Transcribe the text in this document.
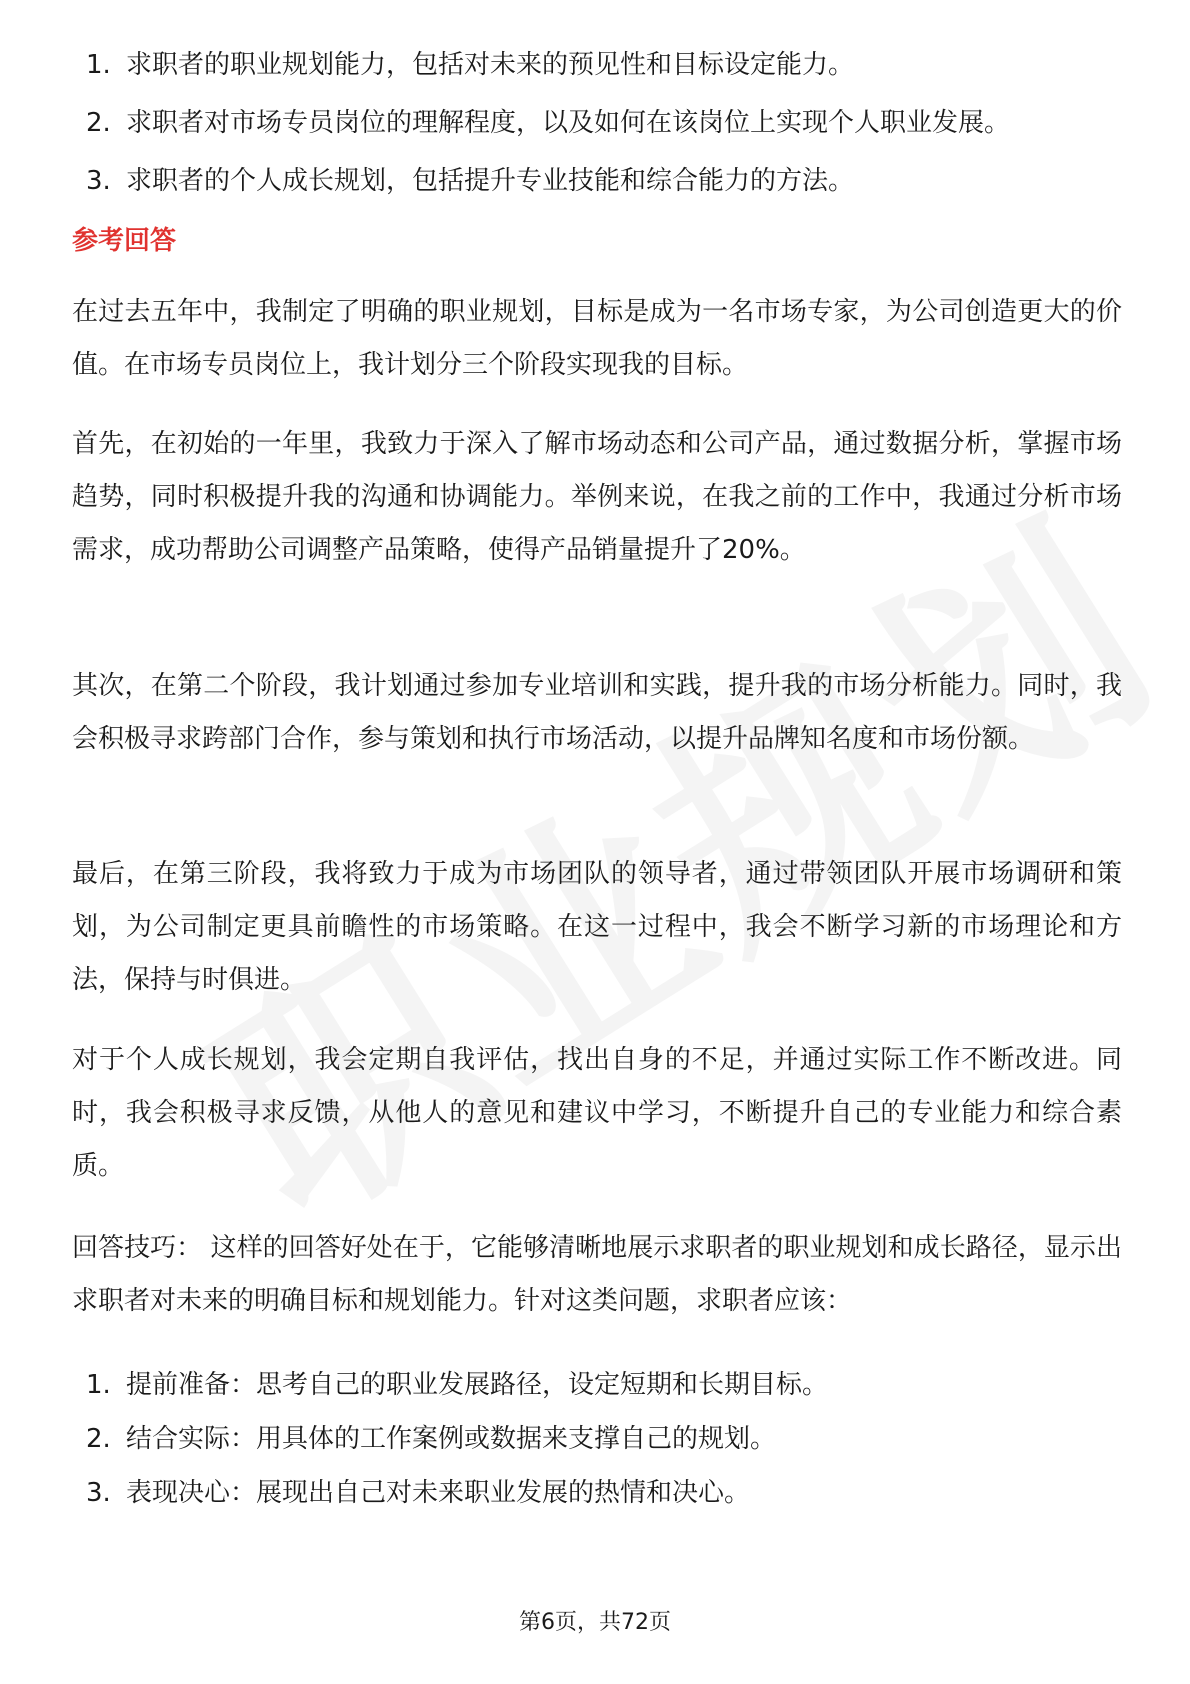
1. 求职者的职业规划能力，包括对未来的预见性和目标设定能力。
2. 求职者对市场专员岗位的理解程度，以及如何在该岗位上实现个人职业发展。
3. 求职者的个人成长规划，包括提升专业技能和综合能力的方法。
参考回答

在过去五年中，我制定了明确的职业规划，目标是成为一名市场专家，为公司创造更大的价值。在市场专员岗位上，我计划分三个阶段实现我的目标。

首先，在初始的一年里，我致力于深入了解市场动态和公司产品，通过数据分析，掌握市场趋势，同时积极提升我的沟通和协调能力。举例来说，在我之前的工作中，我通过分析市场需求，成功帮助公司调整产品策略，使得产品销量提升了20%。

其次，在第二个阶段，我计划通过参加专业培训和实践，提升我的市场分析能力。同时，我会积极寻求跨部门合作，参与策划和执行市场活动，以提升品牌知名度和市场份额。

最后，在第三阶段，我将致力于成为市场团队的领导者，通过带领团队开展市场调研和策划，为公司制定更具前瞻性的市场策略。在这一过程中，我会不断学习新的市场理论和方法，保持与时俱进。

对于个人成长规划，我会定期自我评估，找出自身的不足，并通过实际工作不断改进。同时，我会积极寻求反馈，从他人的意见和建议中学习，不断提升自己的专业能力和综合素质。

回答技巧： 这样的回答好处在于，它能够清晰地展示求职者的职业规划和成长路径，显示出求职者对未来的明确目标和规划能力。针对这类问题，求职者应该：

1. 提前准备：思考自己的职业发展路径，设定短期和长期目标。
2. 结合实际：用具体的工作案例或数据来支撑自己的规划。
3. 表现决心：展现出自己对未来职业发展的热情和决心。
第6页，共72页
